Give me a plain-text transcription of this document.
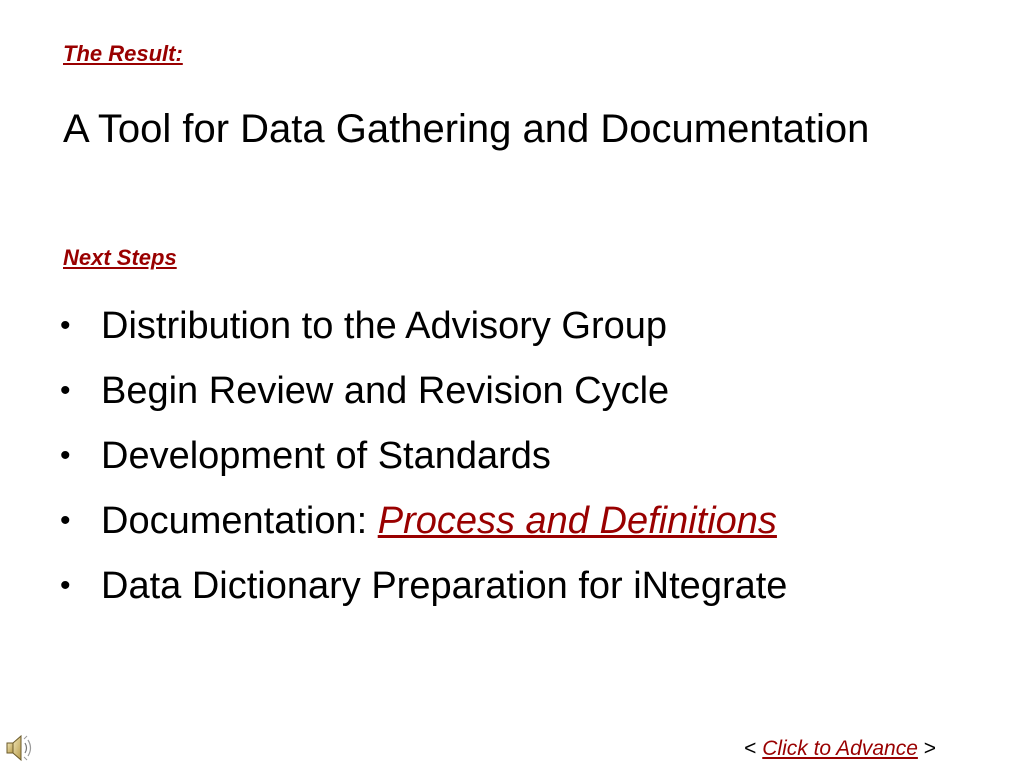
The Result:
A Tool for Data Gathering and Documentation
Next Steps
• Distribution to the Advisory Group
• Begin Review and Revision Cycle
• Development of Standards
• Documentation: Process and Definitions
• Data Dictionary Preparation for iNtegrate
< Click to Advance >
